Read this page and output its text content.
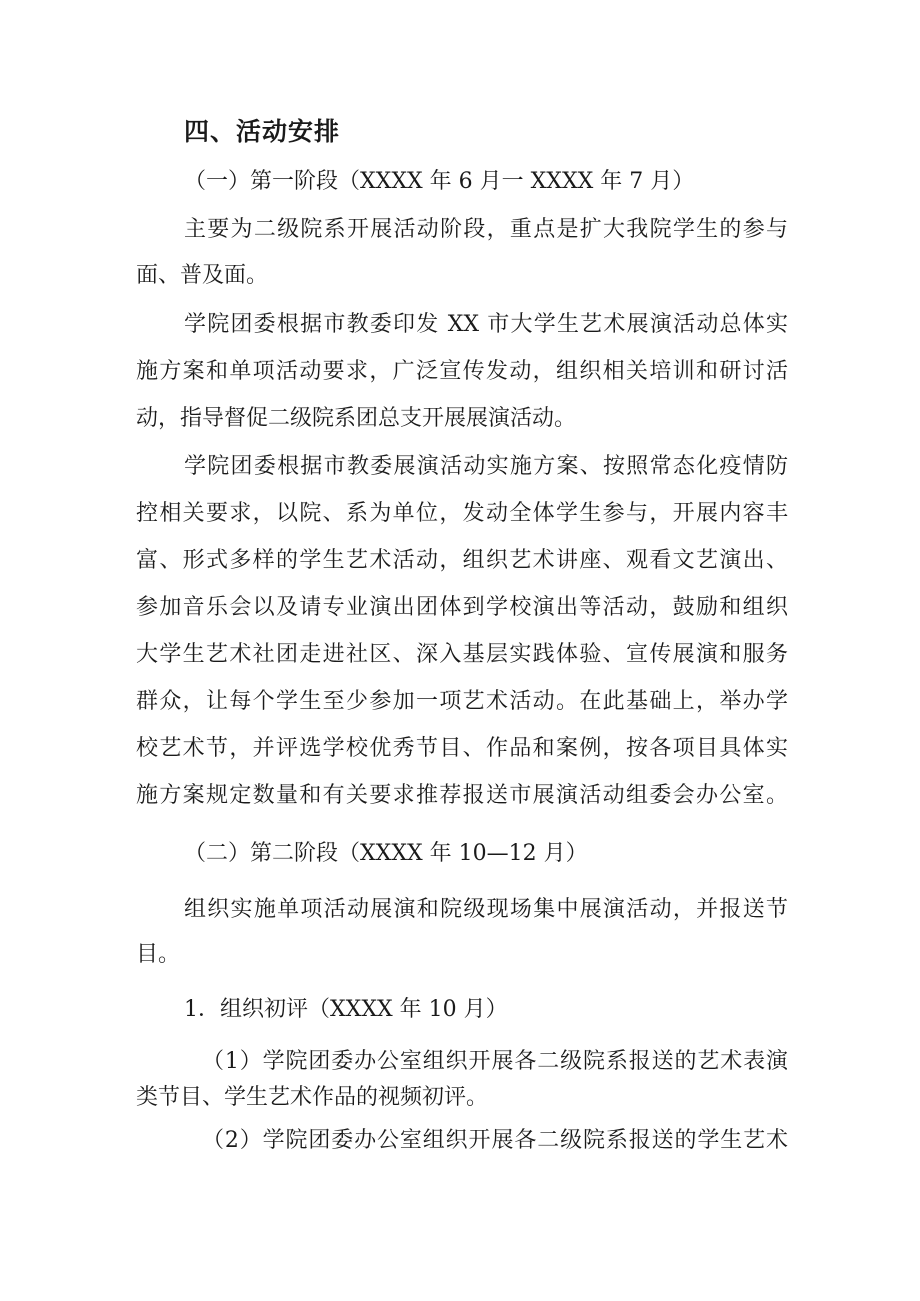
四、活动安排
（一）第一阶段（XXXX 年 6 月一 XXXX 年 7 月）
主要为二级院系开展活动阶段，重点是扩大我院学生的参与
面、普及面。
学院团委根据市教委印发 XX 市大学生艺术展演活动总体实
施方案和单项活动要求，广泛宣传发动，组织相关培训和研讨活
动，指导督促二级院系团总支开展展演活动。
学院团委根据市教委展演活动实施方案、按照常态化疫情防
控相关要求，以院、系为单位，发动全体学生参与，开展内容丰
富、形式多样的学生艺术活动，组织艺术讲座、观看文艺演出、
参加音乐会以及请专业演出团体到学校演出等活动，鼓励和组织
大学生艺术社团走进社区、深入基层实践体验、宣传展演和服务
群众，让每个学生至少参加一项艺术活动。在此基础上，举办学
校艺术节，并评选学校优秀节目、作品和案例，按各项目具体实
施方案规定数量和有关要求推荐报送市展演活动组委会办公室。
（二）第二阶段（XXXX 年 10—12 月）
组织实施单项活动展演和院级现场集中展演活动，并报送节
目。
1．组织初评（XXXX 年 10 月）
（1）学院团委办公室组织开展各二级院系报送的艺术表演
类节目、学生艺术作品的视频初评。
（2）学院团委办公室组织开展各二级院系报送的学生艺术
